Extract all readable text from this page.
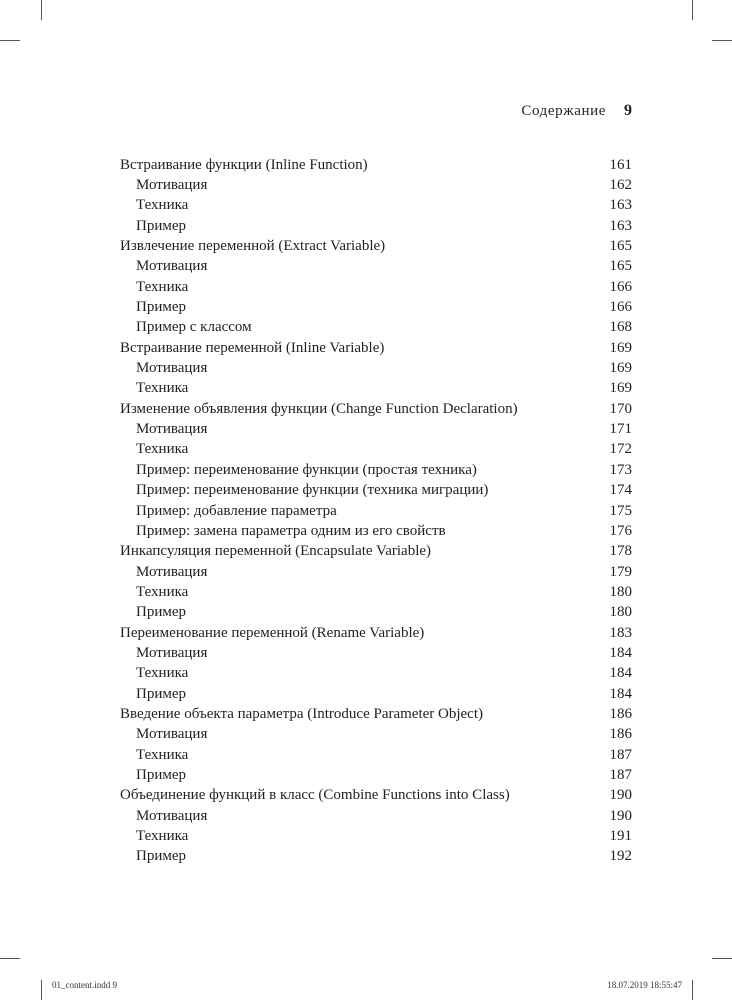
Содержание 9
Встраивание функции (Inline Function)	161
Мотивация	162
Техника	163
Пример	163
Извлечение переменной (Extract Variable)	165
Мотивация	165
Техника	166
Пример	166
Пример с классом	168
Встраивание переменной (Inline Variable)	169
Мотивация	169
Техника	169
Изменение объявления функции (Change Function Declaration)	170
Мотивация	171
Техника	172
Пример: переименование функции (простая техника)	173
Пример: переименование функции (техника миграции)	174
Пример: добавление параметра	175
Пример: замена параметра одним из его свойств	176
Инкапсуляция переменной (Encapsulate Variable)	178
Мотивация	179
Техника	180
Пример	180
Переименование переменной (Rename Variable)	183
Мотивация	184
Техника	184
Пример	184
Введение объекта параметра (Introduce Parameter Object)	186
Мотивация	186
Техника	187
Пример	187
Объединение функций в класс (Combine Functions into Class)	190
Мотивация	190
Техника	191
Пример	192
01_content.indd 9	18.07.2019 18:55:47
